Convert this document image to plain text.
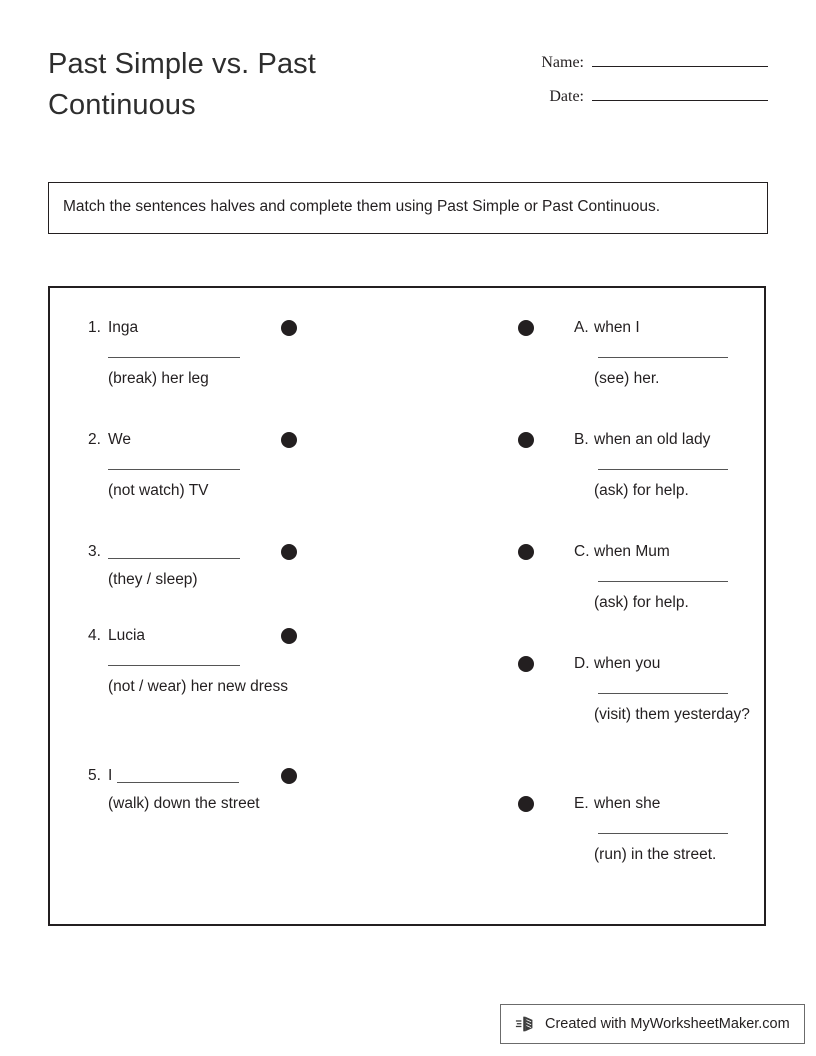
Past Simple vs. Past Continuous
Name:
Date:
Match the sentences halves and complete them using Past Simple or Past Continuous.
1. Inga
(break) her leg
2. We
(not watch) TV
3.
(they / sleep)
4. Lucia
(not / wear) her new dress
5. I
(walk) down the street
A. when I
(see) her.
B. when an old lady
(ask) for help.
C. when Mum
(ask) for help.
D. when you
(visit) them yesterday?
E. when she
(run) in the street.
Created with MyWorksheetMaker.com
